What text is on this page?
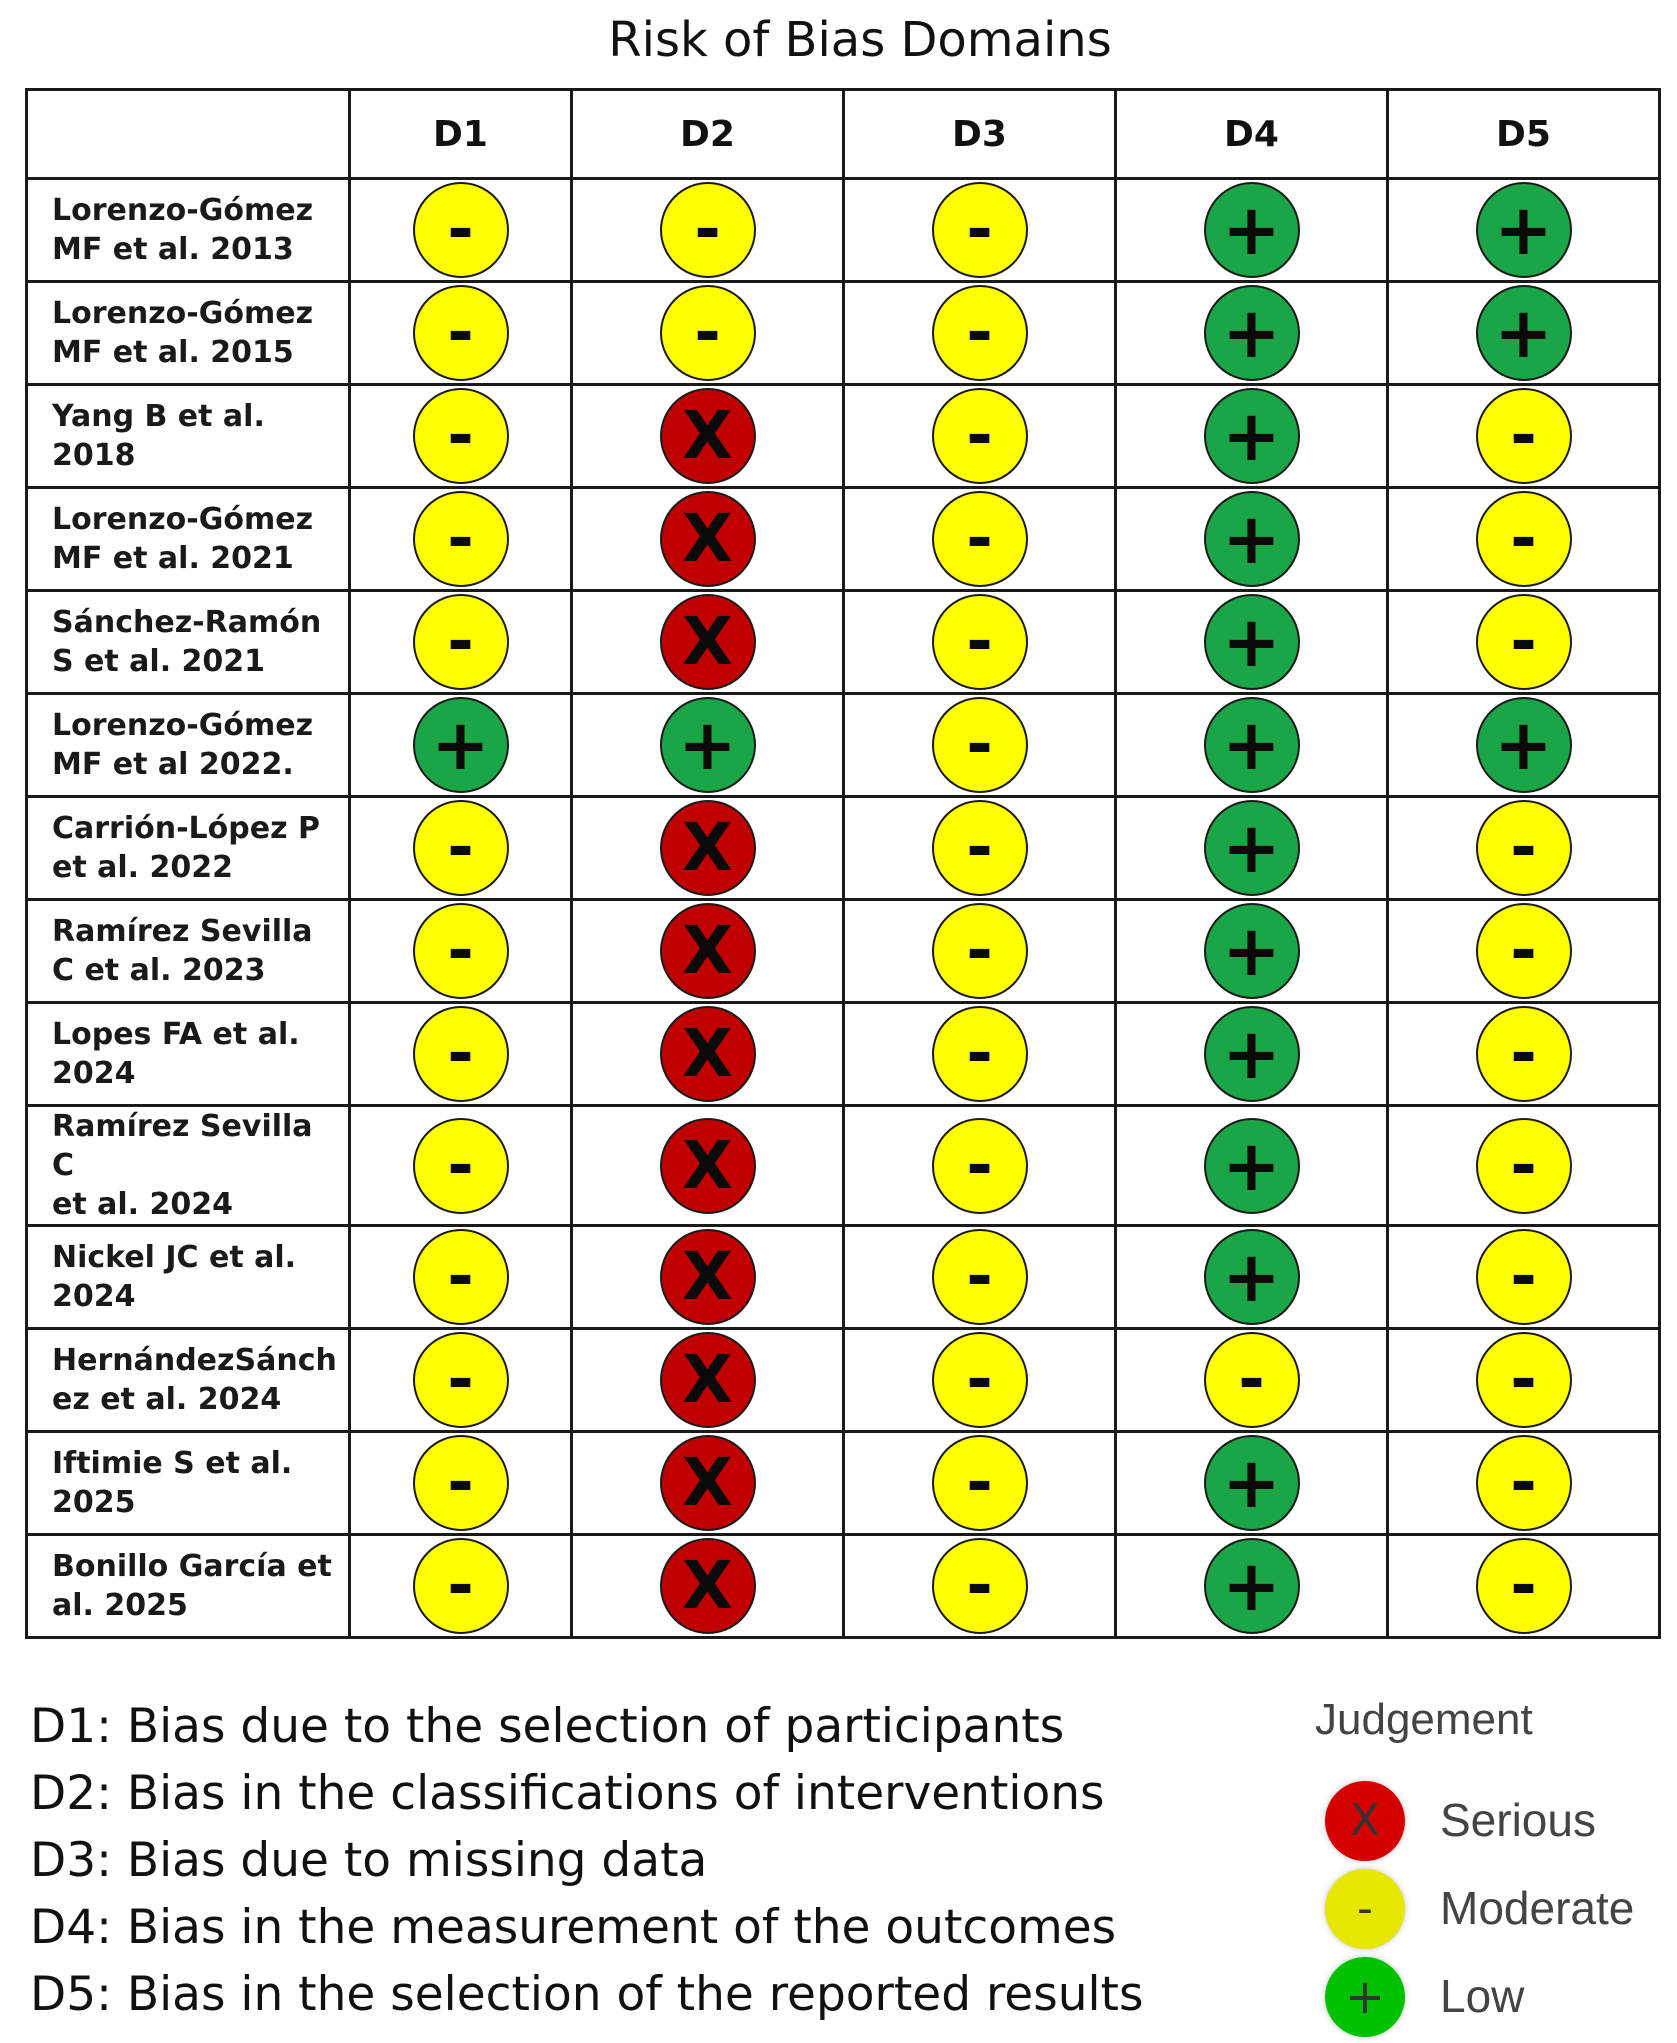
Risk of Bias Domains
	D1	D2	D3	D4	D5

Lorenzo-Gómez
MF et al. 2013	-	-	-	+	+

Lorenzo-Gómez
MF et al. 2015	-	-	-	+	+

Yang B et al.
2018	-	X	-	+	-

Lorenzo-Gómez
MF et al. 2021	-	X	-	+	-

Sánchez-Ramón
S et al. 2021	-	X	-	+	-

Lorenzo-Gómez
MF et al 2022.	+	+	-	+	+

Carrión-López P
et al. 2022	-	X	-	+	-

Ramírez Sevilla
C et al. 2023	-	X	-	+	-

Lopes FA et al.
2024	-	X	-	+	-

Ramírez Sevilla C
et al. 2024	-	X	-	+	-

Nickel JC et al.
2024	-	X	-	+	-

HernándezSánch
ez et al. 2024	-	X	-	-	-

Iftimie S et al.
2025	-	X	-	+	-

Bonillo García et
al. 2025	-	X	-	+	-
D1: Bias due to the selection of participants
D2: Bias in the classifications of interventions
D3: Bias due to missing data
D4: Bias in the measurement of the outcomes
D5: Bias in the selection of the reported results
Judgement
X	Serious
-	Moderate
+	Low
